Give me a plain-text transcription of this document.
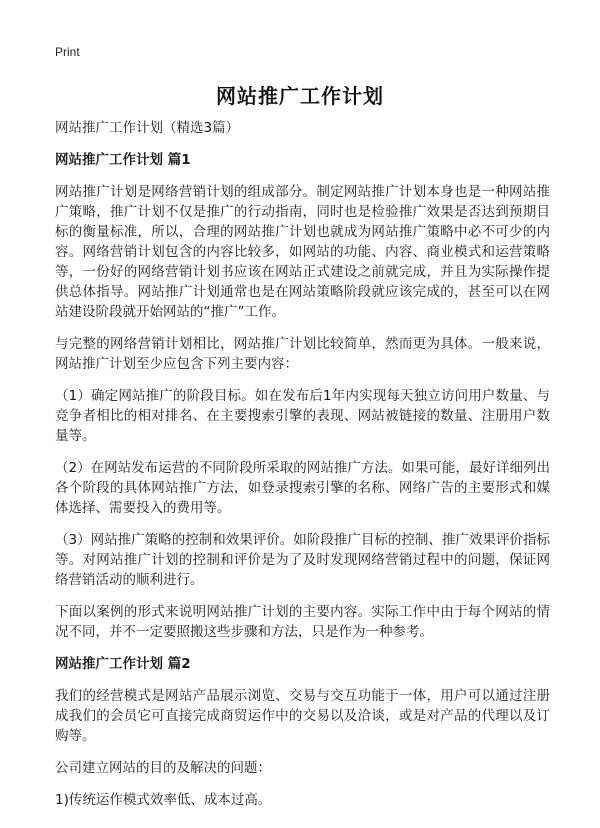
Print
网站推广工作计划

网站推广工作计划（精选3篇）

网站推广工作计划 篇1

网站推广计划是网络营销计划的组成部分。制定网站推广计划本身也是一种网站推广策略，推广计划不仅是推广的行动指南，同时也是检验推广效果是否达到预期目标的衡量标准，所以，合理的网站推广计划也就成为网站推广策略中必不可少的内容。网络营销计划包含的内容比较多，如网站的功能、内容、商业模式和运营策略等，一份好的网络营销计划书应该在网站正式建设之前就完成，并且为实际操作提供总体指导。网站推广计划通常也是在网站策略阶段就应该完成的，甚至可以在网站建设阶段就开始网站的“推广”工作。

与完整的网络营销计划相比，网站推广计划比较简单，然而更为具体。一般来说，网站推广计划至少应包含下列主要内容：

（1）确定网站推广的阶段目标。如在发布后1年内实现每天独立访问用户数量、与竞争者相比的相对排名、在主要搜索引擎的表现、网站被链接的数量、注册用户数量等。

（2）在网站发布运营的不同阶段所采取的网站推广方法。如果可能，最好详细列出各个阶段的具体网站推广方法，如登录搜索引擎的名称、网络广告的主要形式和媒体选择、需要投入的费用等。

（3）网站推广策略的控制和效果评价。如阶段推广目标的控制、推广效果评价指标等。对网站推广计划的控制和评价是为了及时发现网络营销过程中的问题，保证网络营销活动的顺利进行。

下面以案例的形式来说明网站推广计划的主要内容。实际工作中由于每个网站的情况不同，并不一定要照搬这些步骤和方法，只是作为一种参考。

网站推广工作计划 篇2

我们的经营模式是网站产品展示浏览、交易与交互功能于一体，用户可以通过注册成我们的会员它可直接完成商贸运作中的交易以及洽谈，或是对产品的代理以及订购等。

公司建立网站的目的及解决的问题：

1)传统运作模式效率低、成本过高。
